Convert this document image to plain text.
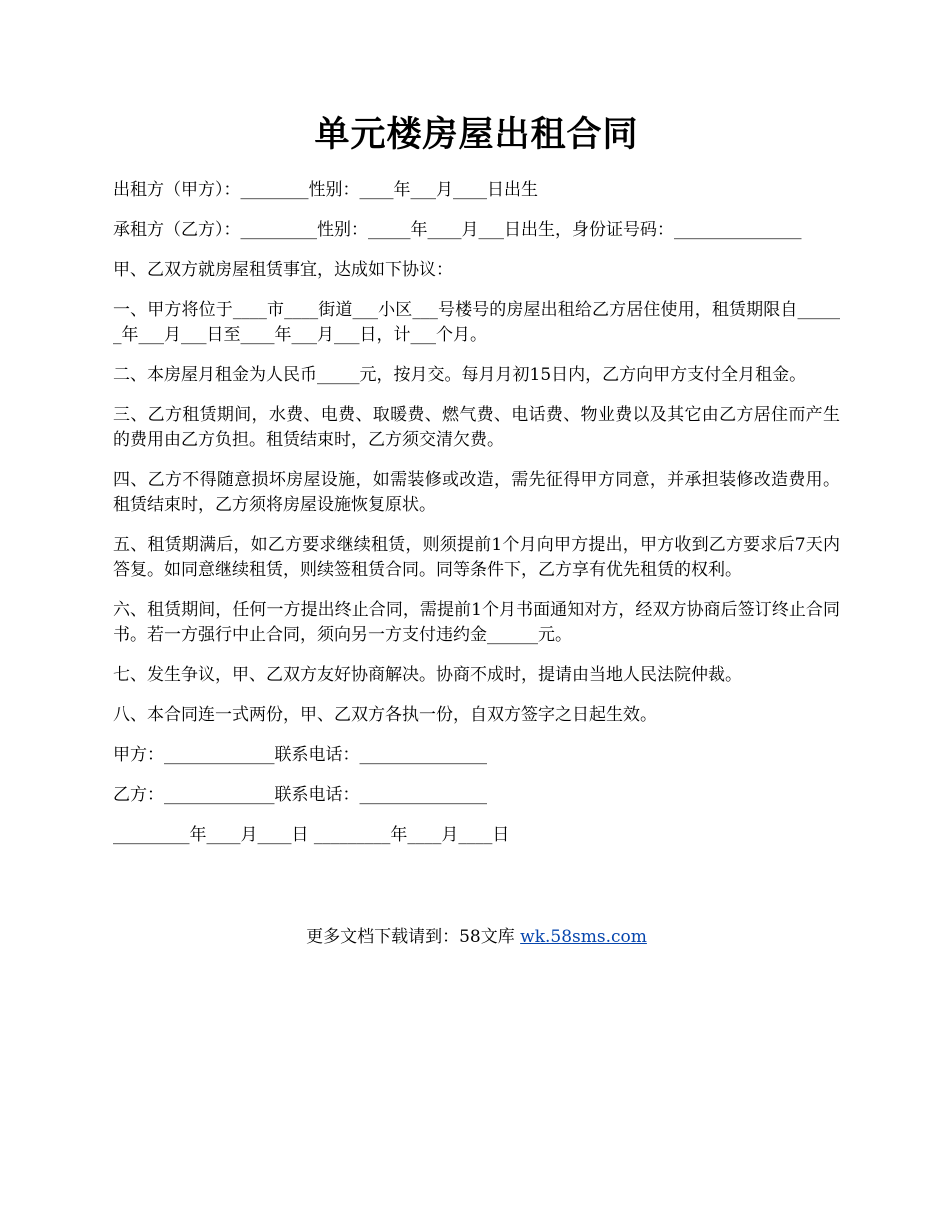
单元楼房屋出租合同

出租方（甲方）：________性别：____年___月____日出生

承租方（乙方）：_________性别：_____年____月___日出生，身份证号码：_______________

甲、乙双方就房屋租赁事宜，达成如下协议：

一、甲方将位于____市____街道___小区___号楼号的房屋出租给乙方居住使用，租赁期限自______年___月___日至____年___月___日，计___个月。

二、本房屋月租金为人民币_____元，按月交。每月月初15日内，乙方向甲方支付全月租金。

三、乙方租赁期间，水费、电费、取暖费、燃气费、电话费、物业费以及其它由乙方居住而产生的费用由乙方负担。租赁结束时，乙方须交清欠费。

四、乙方不得随意损坏房屋设施，如需装修或改造，需先征得甲方同意，并承担装修改造费用。租赁结束时，乙方须将房屋设施恢复原状。

五、租赁期满后，如乙方要求继续租赁，则须提前1个月向甲方提出，甲方收到乙方要求后7天内答复。如同意继续租赁，则续签租赁合同。同等条件下，乙方享有优先租赁的权利。

六、租赁期间，任何一方提出终止合同，需提前1个月书面通知对方，经双方协商后签订终止合同书。若一方强行中止合同，须向另一方支付违约金______元。

七、发生争议，甲、乙双方友好协商解决。协商不成时，提请由当地人民法院仲裁。

八、本合同连一式两份，甲、乙双方各执一份，自双方签字之日起生效。

甲方：_____________联系电话：_______________

乙方：_____________联系电话：_______________

_________年____月____日 _________年____月____日

更多文档下载请到：58文库 wk.58sms.com
